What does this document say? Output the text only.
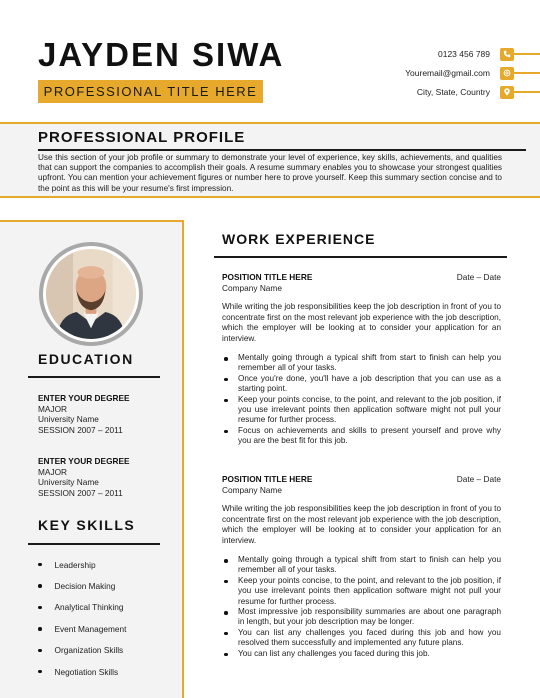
JAYDEN SIWA
PROFESSIONAL TITLE HERE
0123 456 789
Youremail@gmail.com
City, State, Country
PROFESSIONAL PROFILE
Use this section of your job profile or summary to demonstrate your level of experience, key skills, achievements, and qualities that can support the companies to accomplish their goals. A resume summary enables you to showcase your strongest qualities upfront. You can mention your achievement figures or number here to prove yourself. Keep this summary section concise and to the point as this will be your resume's first impression.
EDUCATION
ENTER YOUR DEGREE
MAJOR
University Name
SESSION 2007 – 2011
ENTER YOUR DEGREE
MAJOR
University Name
SESSION 2007 – 2011
KEY SKILLS
Leadership
Decision Making
Analytical Thinking
Event Management
Organization Skills
Negotiation Skills
WORK EXPERIENCE
POSITION TITLE HERE	Date – Date
Company Name
While writing the job responsibilities keep the job description in front of you to concentrate first on the most relevant job experience with the job description, which the employer will be looking at to consider your application for an interview.
Mentally going through a typical shift from start to finish can help you remember all of your tasks.
Once you're done, you'll have a job description that you can use as a starting point.
Keep your points concise, to the point, and relevant to the job position, if you use irrelevant points then application software might not pull your resume for further process.
Focus on achievements and skills to present yourself and prove why you are the best fit for this job.
POSITION TITLE HERE	Date – Date
Company Name
While writing the job responsibilities keep the job description in front of you to concentrate first on the most relevant job experience with the job description, which the employer will be looking at to consider your application for an interview.
Mentally going through a typical shift from start to finish can help you remember all of your tasks.
Keep your points concise, to the point, and relevant to the job position, if you use irrelevant points then application software might not pull your resume for further process.
Most impressive job responsibility summaries are about one paragraph in length, but your job description may be longer.
You can list any challenges you faced during this job and how you resolved them successfully and implemented any future plans.
You can list any challenges you faced during this job.
